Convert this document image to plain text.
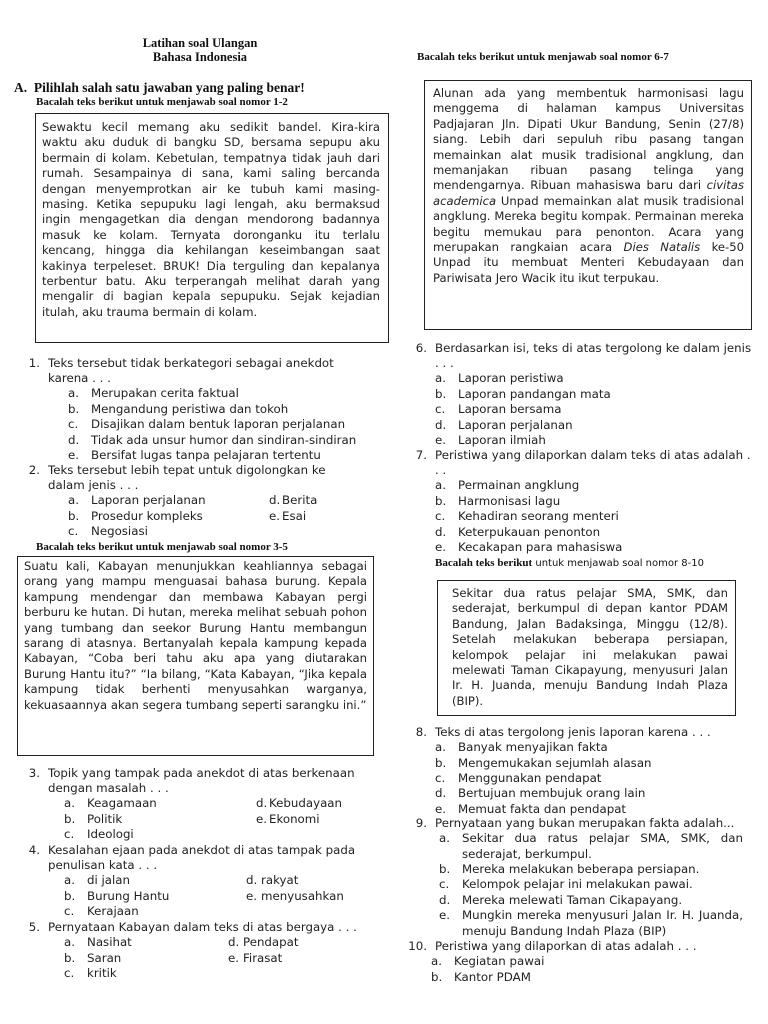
Latihan soal Ulangan
Bahasa Indonesia
A. Pilihlah salah satu jawaban yang paling benar!
Bacalah teks berikut untuk menjawab soal nomor 1-2

Sewaktu kecil memang aku sedikit bandel. Kira-kira waktu aku duduk di bangku SD, bersama sepupu aku bermain di kolam. Kebetulan, tempatnya tidak jauh dari rumah. Sesampainya di sana, kami saling bercanda dengan menyemprotkan air ke tubuh kami masing-masing. Ketika sepupuku lagi lengah, aku bermaksud ingin mengagetkan dia dengan mendorong badannya masuk ke kolam. Ternyata doronganku itu terlalu kencang, hingga dia kehilangan keseimbangan saat kakinya terpeleset. BRUK! Dia terguling dan kepalanya terbentur batu. Aku terperangah melihat darah yang mengalir di bagian kepala sepupuku. Sejak kejadian itulah, aku trauma bermain di kolam.

1. Teks tersebut tidak berkategori sebagai anekdot karena . . .
a.	Merupakan cerita faktual
b. Mengandung peristiwa dan tokoh
c.	Disajikan dalam bentuk laporan perjalanan
d. Tidak ada unsur humor dan sindiran-sindiran
e.	Bersifat lugas tanpa pelajaran tertentu
2. Teks tersebut lebih tepat untuk digolongkan ke dalam jenis . . .
a. Laporan perjalanan	d. Berita
b. Prosedur kompleks	e. Esai
c. Negosiasi
Bacalah teks berikut untuk menjawab soal nomor 3-5

Suatu kali, Kabayan menunjukkan keahliannya sebagai orang yang mampu menguasai bahasa burung. Kepala kampung mendengar dan membawa Kabayan pergi berburu ke hutan. Di hutan, mereka melihat sebuah pohon yang tumbang dan seekor Burung Hantu membangun sarang di atasnya. Bertanyalah kepala kampung kepada Kabayan, “Coba beri tahu aku apa yang diutarakan Burung Hantu itu?” “Ia bilang, “Kata Kabayan, “Jika kepala kampung tidak berhenti menyusahkan warganya, kekuasaannya akan segera tumbang seperti sarangku ini.”

3. Topik yang tampak pada anekdot di atas berkenaan dengan masalah . . .
a. Keagamaan	d. Kebudayaan
b. Politik	e. Ekonomi
c. Ideologi
4. Kesalahan ejaan pada anekdot di atas tampak pada penulisan kata . . .
a. di jalan	d. rakyat
b. Burung Hantu	e. menyusahkan
c. Kerajaan
5. Pernyataan Kabayan dalam teks di atas bergaya . . .
a. Nasihat	d. Pendapat
b. Saran	e. Firasat
c. kritik
Bacalah teks berikut untuk menjawab soal nomor 6-7

Alunan ada yang membentuk harmonisasi lagu menggema di halaman kampus Universitas Padjajaran Jln. Dipati Ukur Bandung, Senin (27/8) siang. Lebih dari sepuluh ribu pasang tangan memainkan alat musik tradisional angklung, dan memanjakan ribuan pasang telinga yang mendengarnya. Ribuan mahasiswa baru dari civitas academica Unpad memainkan alat musik tradisional angklung. Mereka begitu kompak. Permainan mereka begitu memukau para penonton. Acara yang merupakan rangkaian acara Dies Natalis ke-50 Unpad itu membuat Menteri Kebudayaan dan Pariwisata Jero Wacik itu ikut terpukau.

6. Berdasarkan isi, teks di atas tergolong ke dalam jenis . . .
a.	Laporan peristiwa
b. Laporan pandangan mata
c.	Laporan bersama
d. Laporan perjalanan
e.	Laporan ilmiah
7. Peristiwa yang dilaporkan dalam teks di atas adalah . . .
a.	Permainan angklung
b. Harmonisasi lagu
c.	Kehadiran seorang menteri
d. Keterpukauan penonton
e.	Kecakapan para mahasiswa
Bacalah teks berikut untuk menjawab soal nomor 8-10

Sekitar dua ratus pelajar SMA, SMK, dan sederajat, berkumpul di depan kantor PDAM Bandung, Jalan Badaksinga, Minggu (12/8). Setelah melakukan beberapa persiapan, kelompok pelajar ini melakukan pawai melewati Taman Cikapayung, menyusuri Jalan Ir. H. Juanda, menuju Bandung Indah Plaza (BIP).

8. Teks di atas tergolong jenis laporan karena . . .
a.	Banyak menyajikan fakta
b. Mengemukakan sejumlah alasan
c.	Menggunakan pendapat
d. Bertujuan membujuk orang lain
e.	Memuat fakta dan pendapat
9. Pernyataan yang bukan merupakan fakta adalah...
a.	Sekitar dua ratus pelajar SMA, SMK, dan sederajat, berkumpul.
b. Mereka melakukan beberapa persiapan.
c.	Kelompok pelajar ini melakukan pawai.
d. Mereka melewati Taman Cikapayang.
e.	Mungkin mereka menyusuri Jalan Ir. H. Juanda, menuju Bandung Indah Plaza (BIP)
10. Peristiwa yang dilaporkan di atas adalah . . .
a.	Kegiatan pawai
b. Kantor PDAM
